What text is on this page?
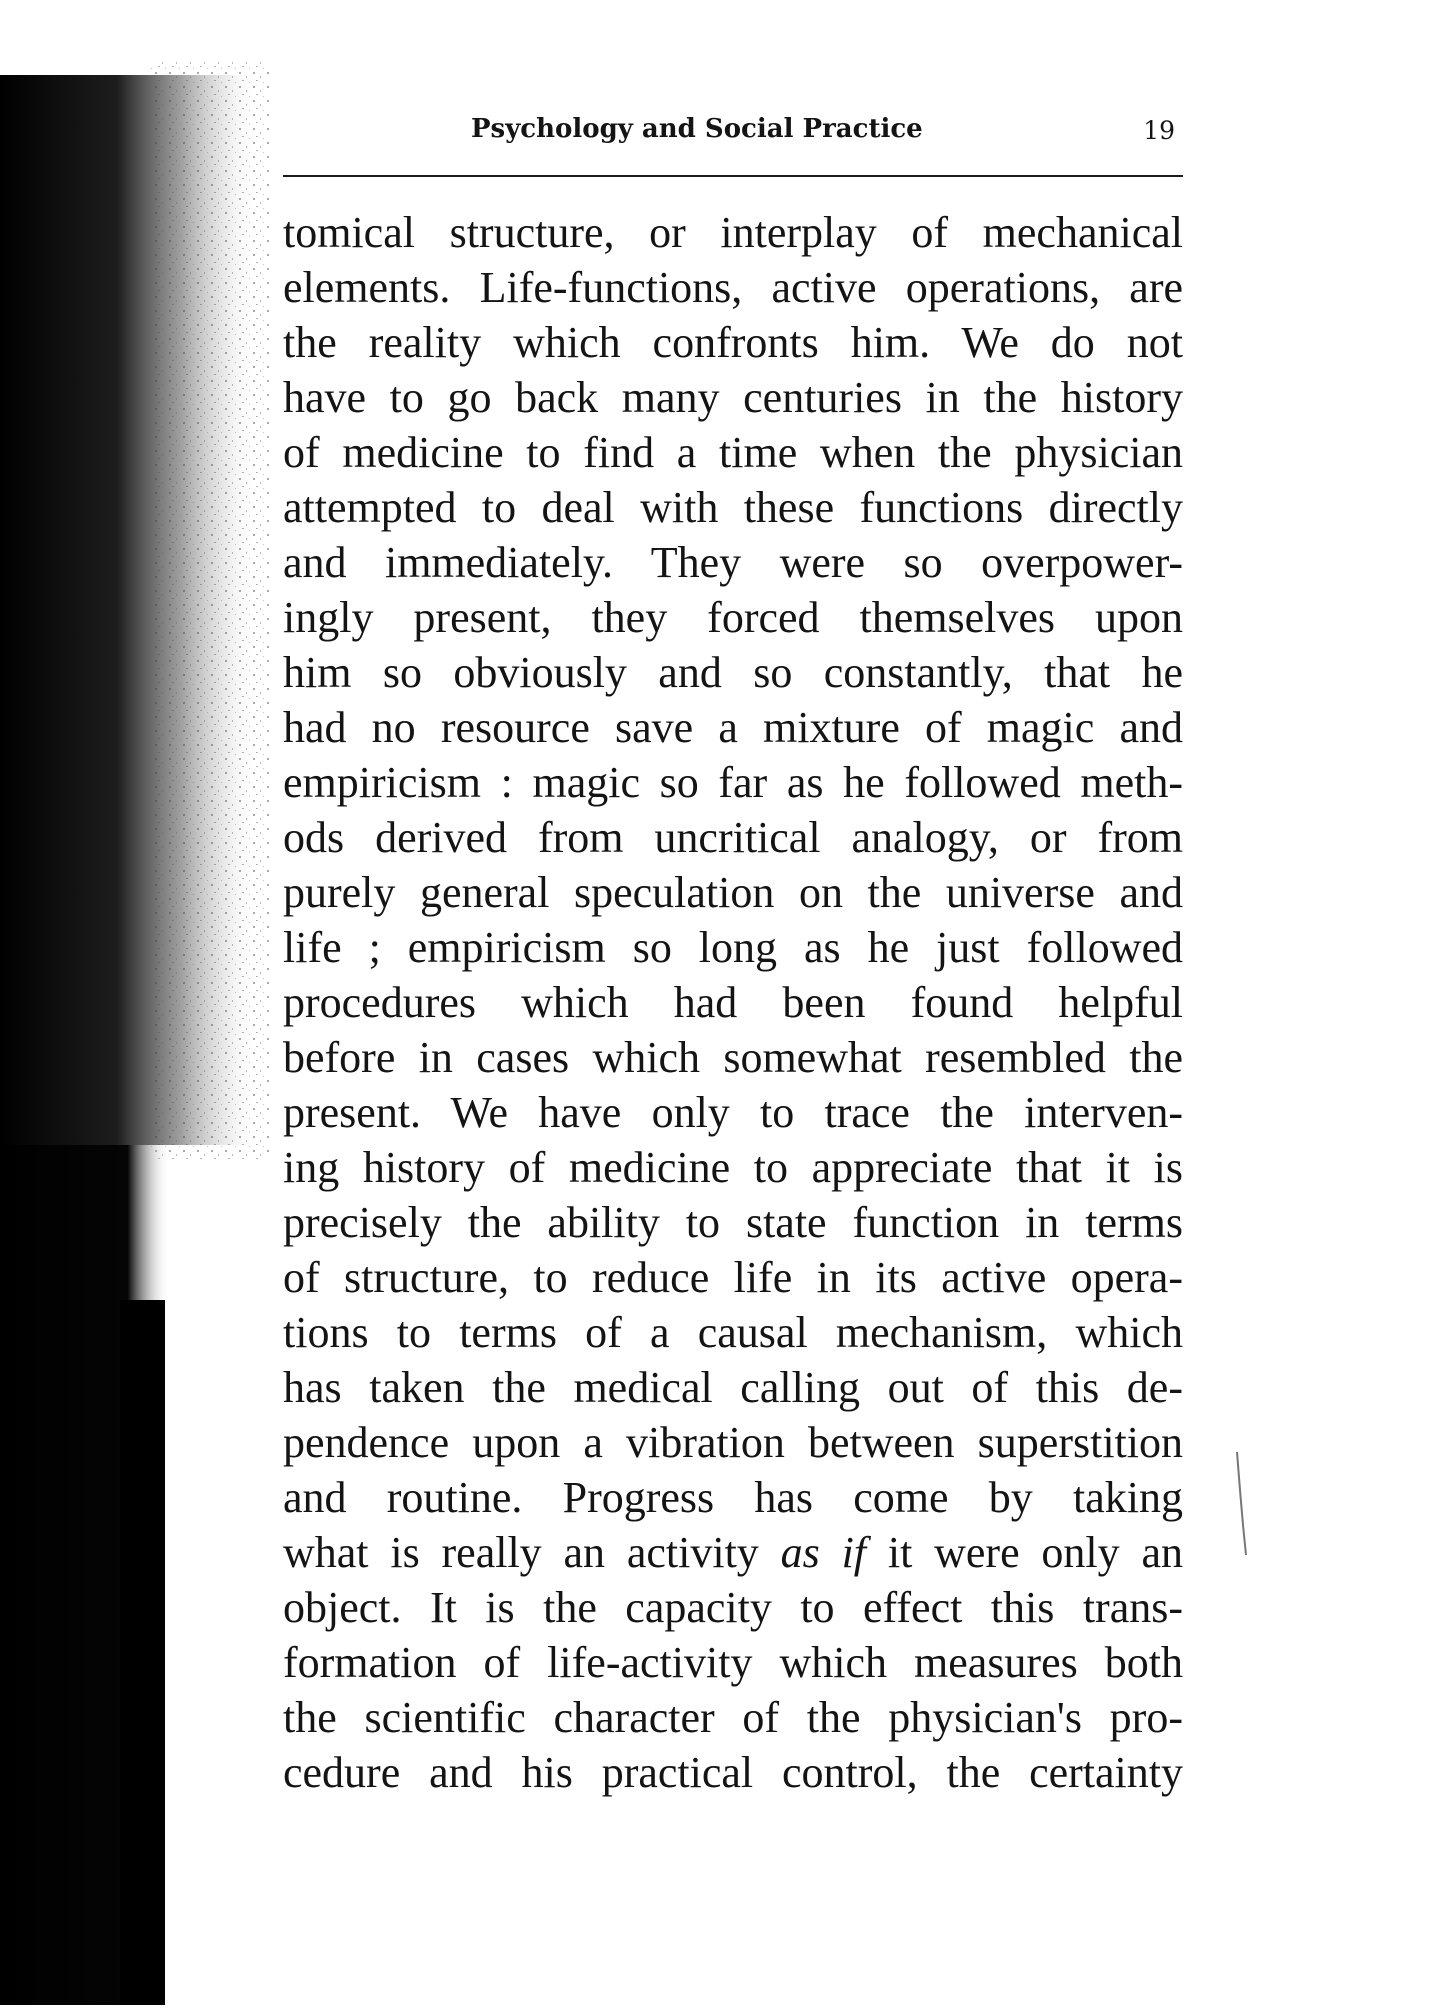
Psychology and Social Practice	19
tomical structure, or interplay of mechanical
elements. Life-functions, active operations, are
the reality which confronts him. We do not
have to go back many centuries in the history
of medicine to find a time when the physician
attempted to deal with these functions directly
and immediately. They were so overpower-
ingly present, they forced themselves upon
him so obviously and so constantly, that he
had no resource save a mixture of magic and
empiricism : magic so far as he followed meth-
ods derived from uncritical analogy, or from
purely general speculation on the universe and
life ; empiricism so long as he just followed
procedures which had been found helpful
before in cases which somewhat resembled the
present. We have only to trace the interven-
ing history of medicine to appreciate that it is
precisely the ability to state function in terms
of structure, to reduce life in its active opera-
tions to terms of a causal mechanism, which
has taken the medical calling out of this de-
pendence upon a vibration between superstition
and routine. Progress has come by taking
what is really an activity as if it were only an
object. It is the capacity to effect this trans-
formation of life-activity which measures both
the scientific character of the physician's pro-
cedure and his practical control, the certainty
